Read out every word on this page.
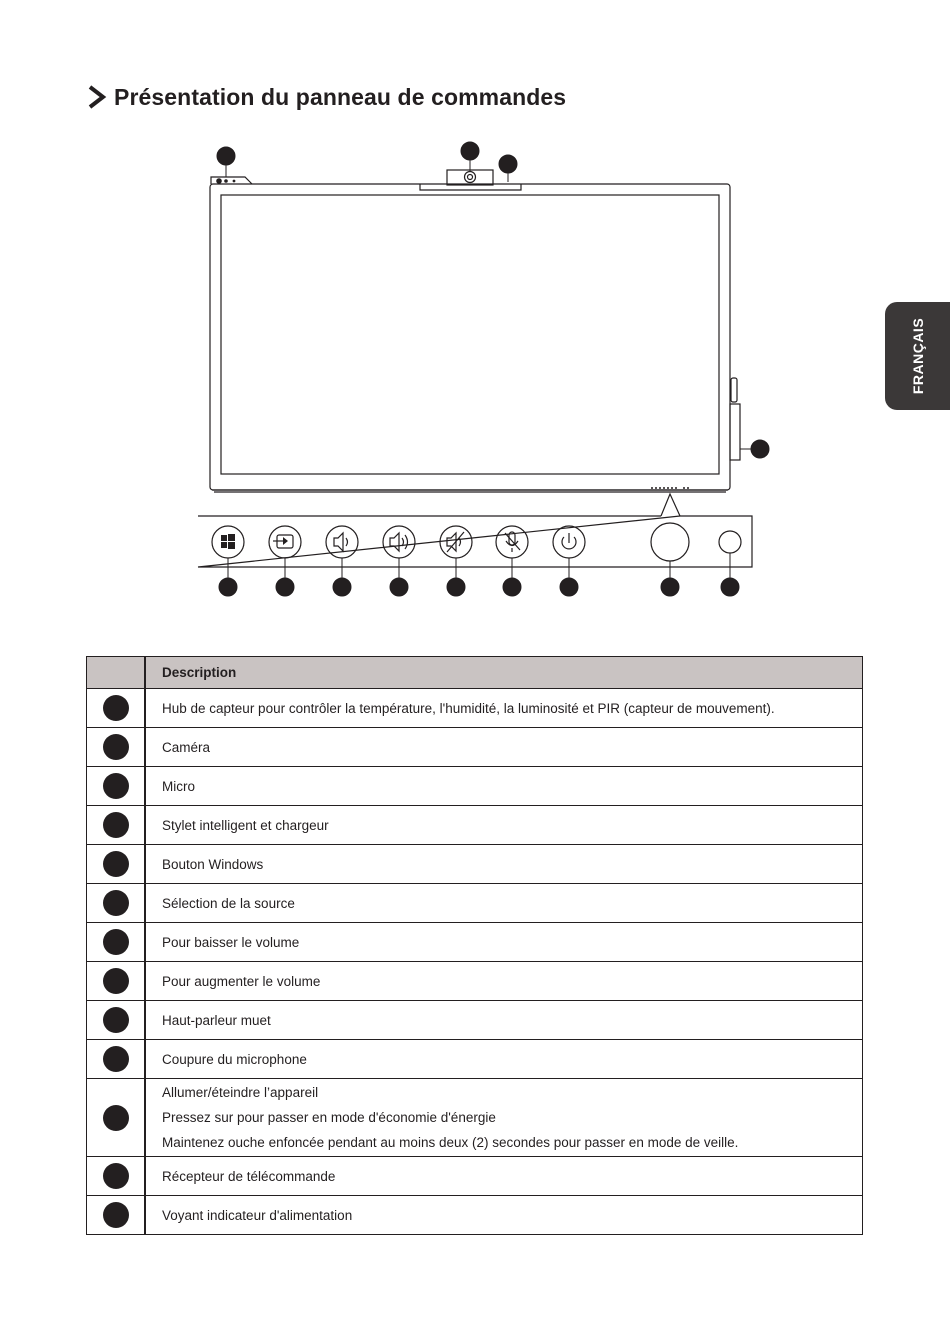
Présentation du panneau de commandes
FRANÇAIS
	Description

	Hub de capteur pour contrôler la température, l'humidité, la luminosité et PIR (capteur de mouvement).

	Caméra

	Micro

	Stylet intelligent et chargeur

	Bouton Windows

	Sélection de la source

	Pour baisser le volume

	Pour augmenter le volume

	Haut-parleur muet

	Coupure du microphone

	Allumer/éteindre l’appareil
Pressez sur pour passer en mode d'économie d'énergie
Maintenez ouche enfoncée pendant au moins deux (2) secondes pour passer en mode de veille.

	Récepteur de télécommande

	Voyant indicateur d'alimentation
